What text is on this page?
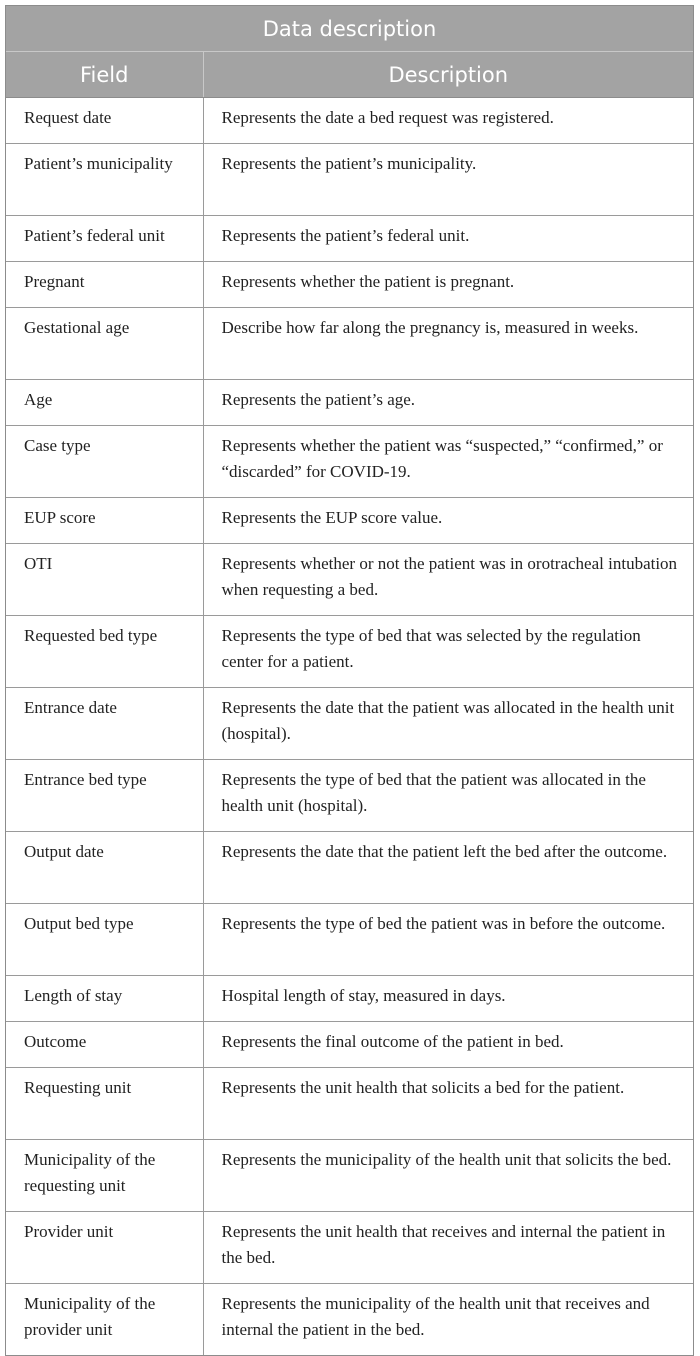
Data description	
Field	Description
Request date	Represents the date a bed request was registered.
Patient’s municipality	Represents the patient’s municipality.
Patient’s federal unit	Represents the patient’s federal unit.
Pregnant	Represents whether the patient is pregnant.
Gestational age	Describe how far along the pregnancy is, measured in weeks.
Age	Represents the patient’s age.
Case type	Represents whether the patient was “suspected,” “confirmed,” or “discarded” for COVID-19.
EUP score	Represents the EUP score value.
OTI	Represents whether or not the patient was in orotracheal intubation when requesting a bed.
Requested bed type	Represents the type of bed that was selected by the regulation center for a patient.
Entrance date	Represents the date that the patient was allocated in the health unit (hospital).
Entrance bed type	Represents the type of bed that the patient was allocated in the health unit (hospital).
Output date	Represents the date that the patient left the bed after the outcome.
Output bed type	Represents the type of bed the patient was in before the outcome.
Length of stay	Hospital length of stay, measured in days.
Outcome	Represents the final outcome of the patient in bed.
Requesting unit	Represents the unit health that solicits a bed for the patient.
Municipality of the requesting unit	Represents the municipality of the health unit that solicits the bed.
Provider unit	Represents the unit health that receives and internal the patient in the bed.
Municipality of the provider unit	Represents the municipality of the health unit that receives and internal the patient in the bed.
